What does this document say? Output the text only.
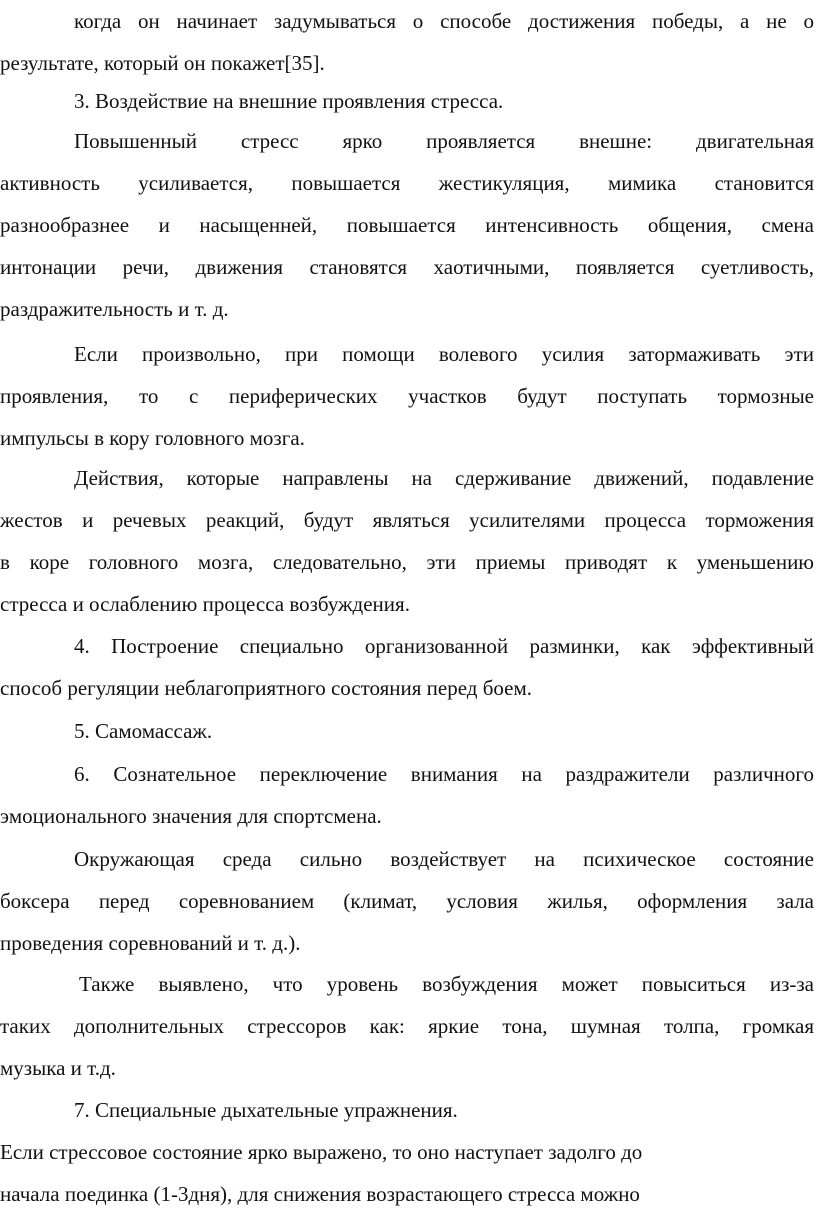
когда он начинает задумываться о способе достижения победы, а не о
результате, который он покажет[35].
3. Воздействие на внешние проявления стресса.
Повышенный стресс ярко проявляется внешне: двигательная
активность усиливается, повышается жестикуляция, мимика становится
разнообразнее и насыщенней, повышается интенсивность общения, смена
интонации речи, движения становятся хаотичными, появляется суетливость,
раздражительность и т. д.
Если произвольно, при помощи волевого усилия затормаживать эти
проявления, то с периферических участков будут поступать тормозные
импульсы в кору головного мозга.
Действия, которые направлены на сдерживание движений, подавление
жестов и речевых реакций, будут являться усилителями процесса торможения
в коре головного мозга, следовательно, эти приемы приводят к уменьшению
стресса и ослаблению процесса возбуждения.
4. Построение специально организованной разминки, как эффективный
способ регуляции неблагоприятного состояния перед боем.
5. Самомассаж.
6. Сознательное переключение внимания на раздражители различного
эмоционального значения для спортсмена.
Окружающая среда сильно воздействует на психическое состояние
боксера перед соревнованием (климат, условия жилья, оформления зала
проведения соревнований и т. д.).
Также выявлено, что уровень возбуждения может повыситься из-за
таких дополнительных стрессоров как: яркие тона, шумная толпа, громкая
музыка и т.д.
7. Специальные дыхательные упражнения.
Если стрессовое состояние ярко выражено, то оно наступает задолго до
начала поединка (1-3дня), для снижения возрастающего стресса можно
